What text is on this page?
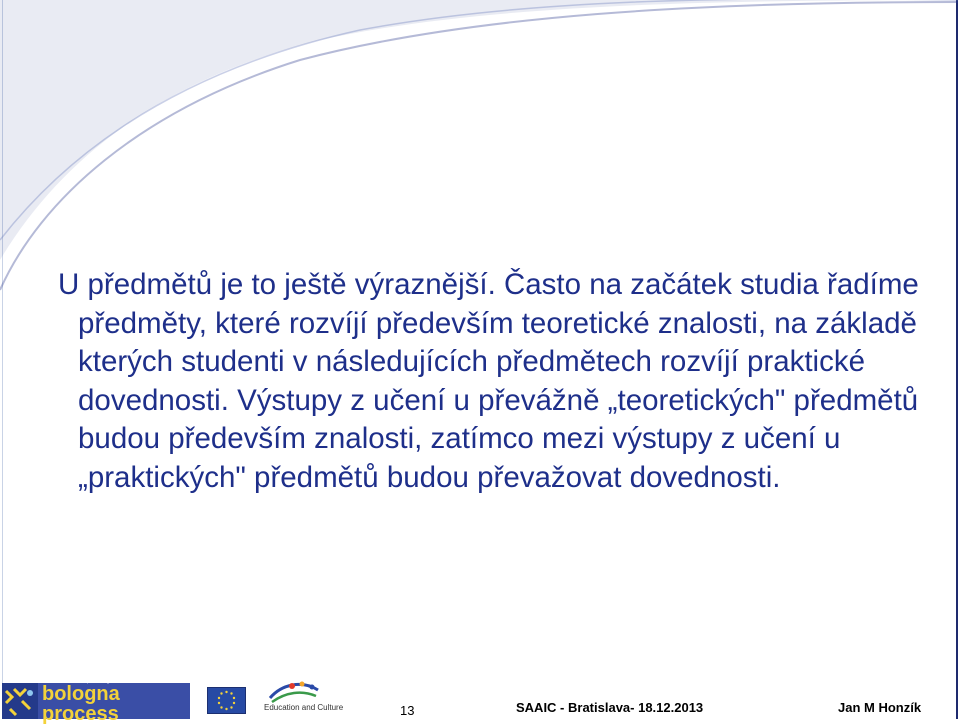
U předmětů je to ještě výraznější. Často na začátek studia řadíme předměty, které rozvíjí především teoretické znalosti, na základě kterých studenti v následujících předmětech rozvíjí praktické dovednosti. Výstupy z učení u převážně „teoretických" předmětů budou především znalosti, zatímco mezi výstupy z učení u „praktických" předmětů budou převažovat dovednosti.

towards the european higher education area
bologna process	Education and Culture	13	SAAIC - Bratislava- 18.12.2013	Jan M Honzík
